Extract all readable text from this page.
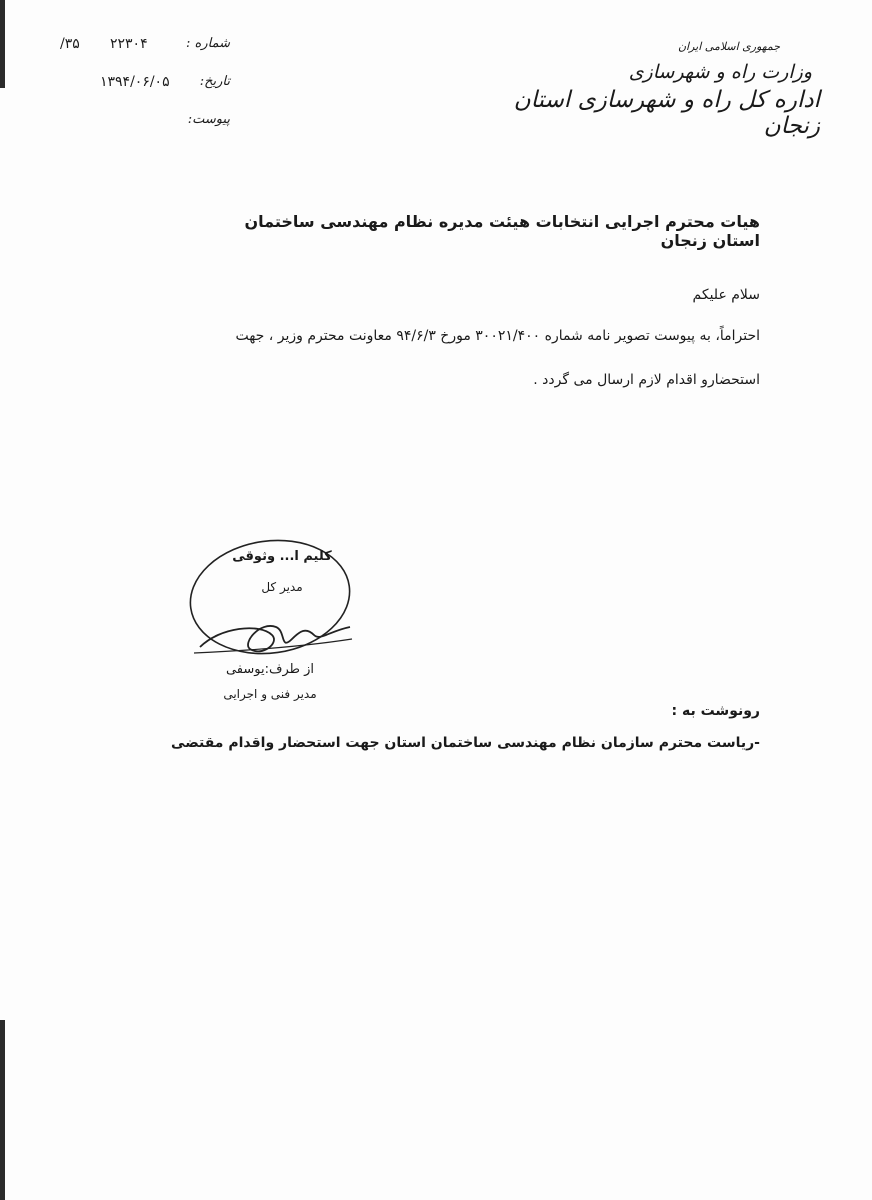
جمهوری اسلامی ایران
وزارت راه و شهرسازی
اداره کل راه و شهرسازی استان زنجان
شماره :
۲۲۳۰۴
۳۵/
تاریخ:
۱۳۹۴/۰۶/۰۵
پیوست:
هیات محترم اجرایی انتخابات هیئت مدیره نظام مهندسی ساختمان استان زنجان
سلام علیکم
احتراماً، به پیوست تصویر نامه شماره ۳۰۰۲۱/۴۰۰ مورخ ۹۴/۶/۳ معاونت محترم وزیر ، جهت
استحضارو اقدام لازم ارسال می گردد .
کلیم ا... وثوقی
مدیر کل
از طرف:یوسفی
مدیر فنی و اجرایی
رونوشت به :
-ریاست محترم سازمان نظام مهندسی ساختمان استان جهت استحضار واقدام مقتضی
